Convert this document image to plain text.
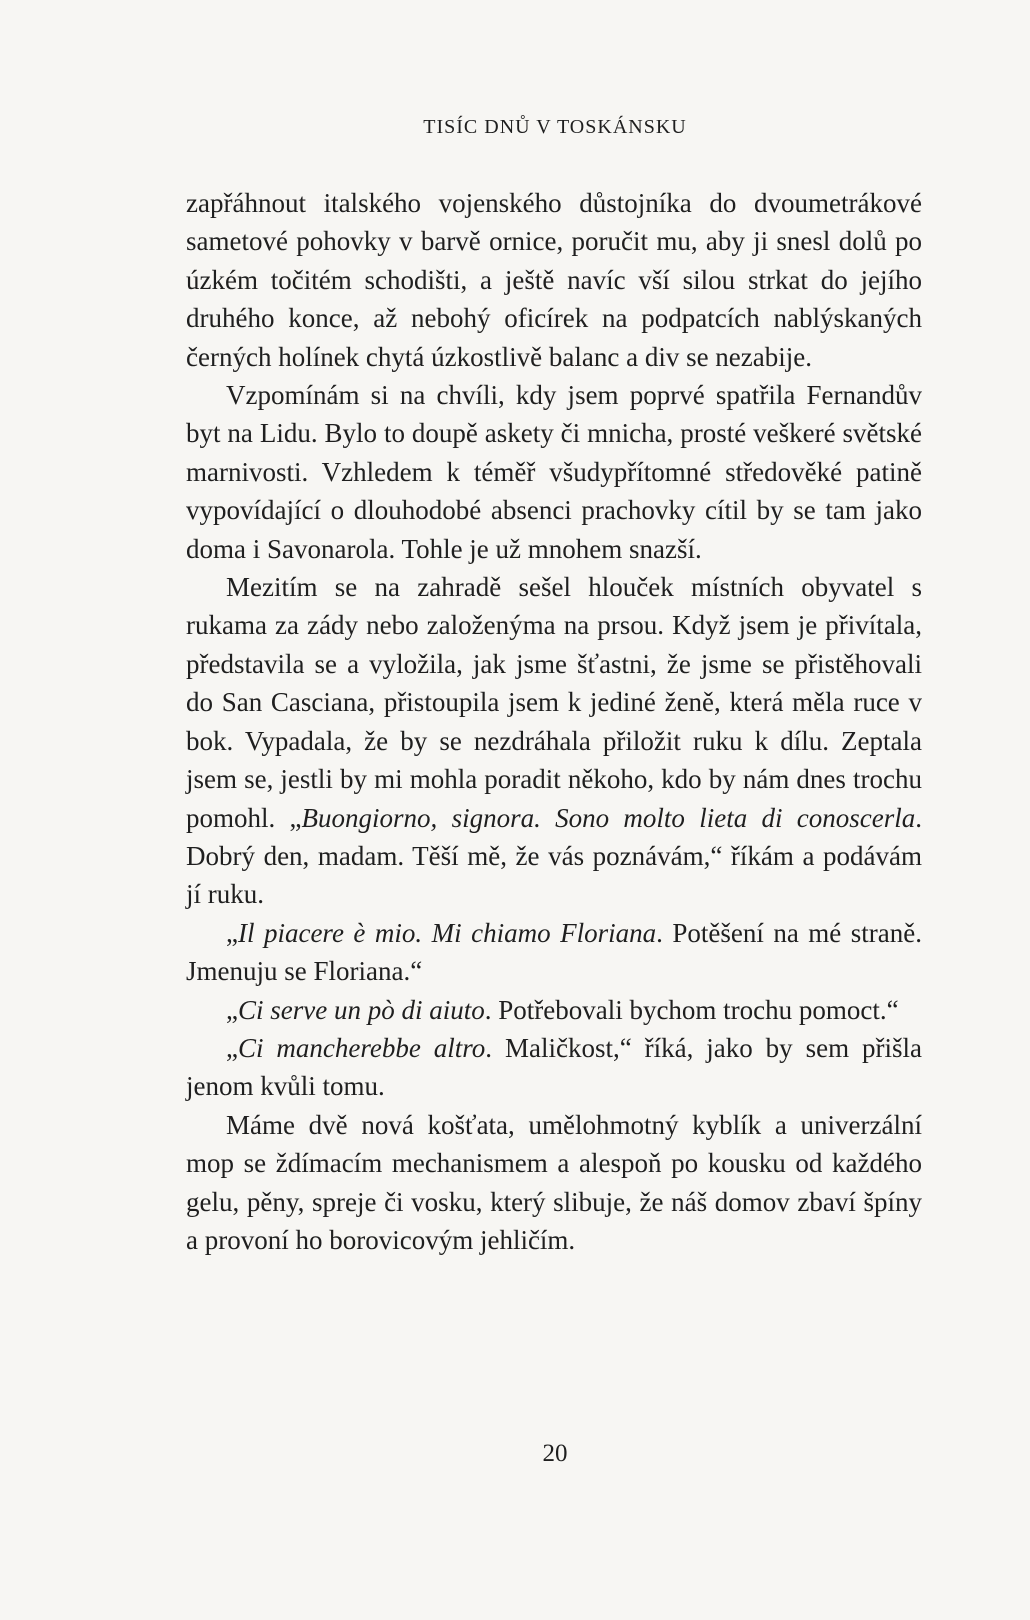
TISÍC DNŮ V TOSKÁNSKU

zapřáhnout italského vojenského důstojníka do dvoumetrákové sametové pohovky v barvě ornice, poručit mu, aby ji snesl dolů po úzkém točitém schodišti, a ještě navíc vší silou strkat do jejího druhého konce, až nebohý oficírek na podpatcích nablýskaných černých holínek chytá úzkostlivě balanc a div se nezabije.

Vzpomínám si na chvíli, kdy jsem poprvé spatřila Fernandův byt na Lidu. Bylo to doupě askety či mnicha, prosté veškeré světské marnivosti. Vzhledem k téměř všudypřítomné středověké patině vypovídající o dlouhodobé absenci prachovky cítil by se tam jako doma i Savonarola. Tohle je už mnohem snazší.

Mezitím se na zahradě sešel hlouček místních obyvatel s rukama za zády nebo založenýma na prsou. Když jsem je přivítala, představila se a vyložila, jak jsme šťastni, že jsme se přistěhovali do San Casciana, přistoupila jsem k jediné ženě, která měla ruce v bok. Vypadala, že by se nezdráhala přiložit ruku k dílu. Zeptala jsem se, jestli by mi mohla poradit někoho, kdo by nám dnes trochu pomohl. „Buongiorno, signora. Sono molto lieta di conoscerla. Dobrý den, madam. Těší mě, že vás poznávám,“ říkám a podávám jí ruku.

„Il piacere è mio. Mi chiamo Floriana. Potěšení na mé straně. Jmenuju se Floriana.“

„Ci serve un pò di aiuto. Potřebovali bychom trochu pomoct.“

„Ci mancherebbe altro. Maličkost,“ říká, jako by sem přišla jenom kvůli tomu.

Máme dvě nová košťata, umělohmotný kyblík a univerzální mop se ždímacím mechanismem a alespoň po kousku od každého gelu, pěny, spreje či vosku, který slibuje, že náš domov zbaví špíny a provoní ho borovicovým jehličím.

20
